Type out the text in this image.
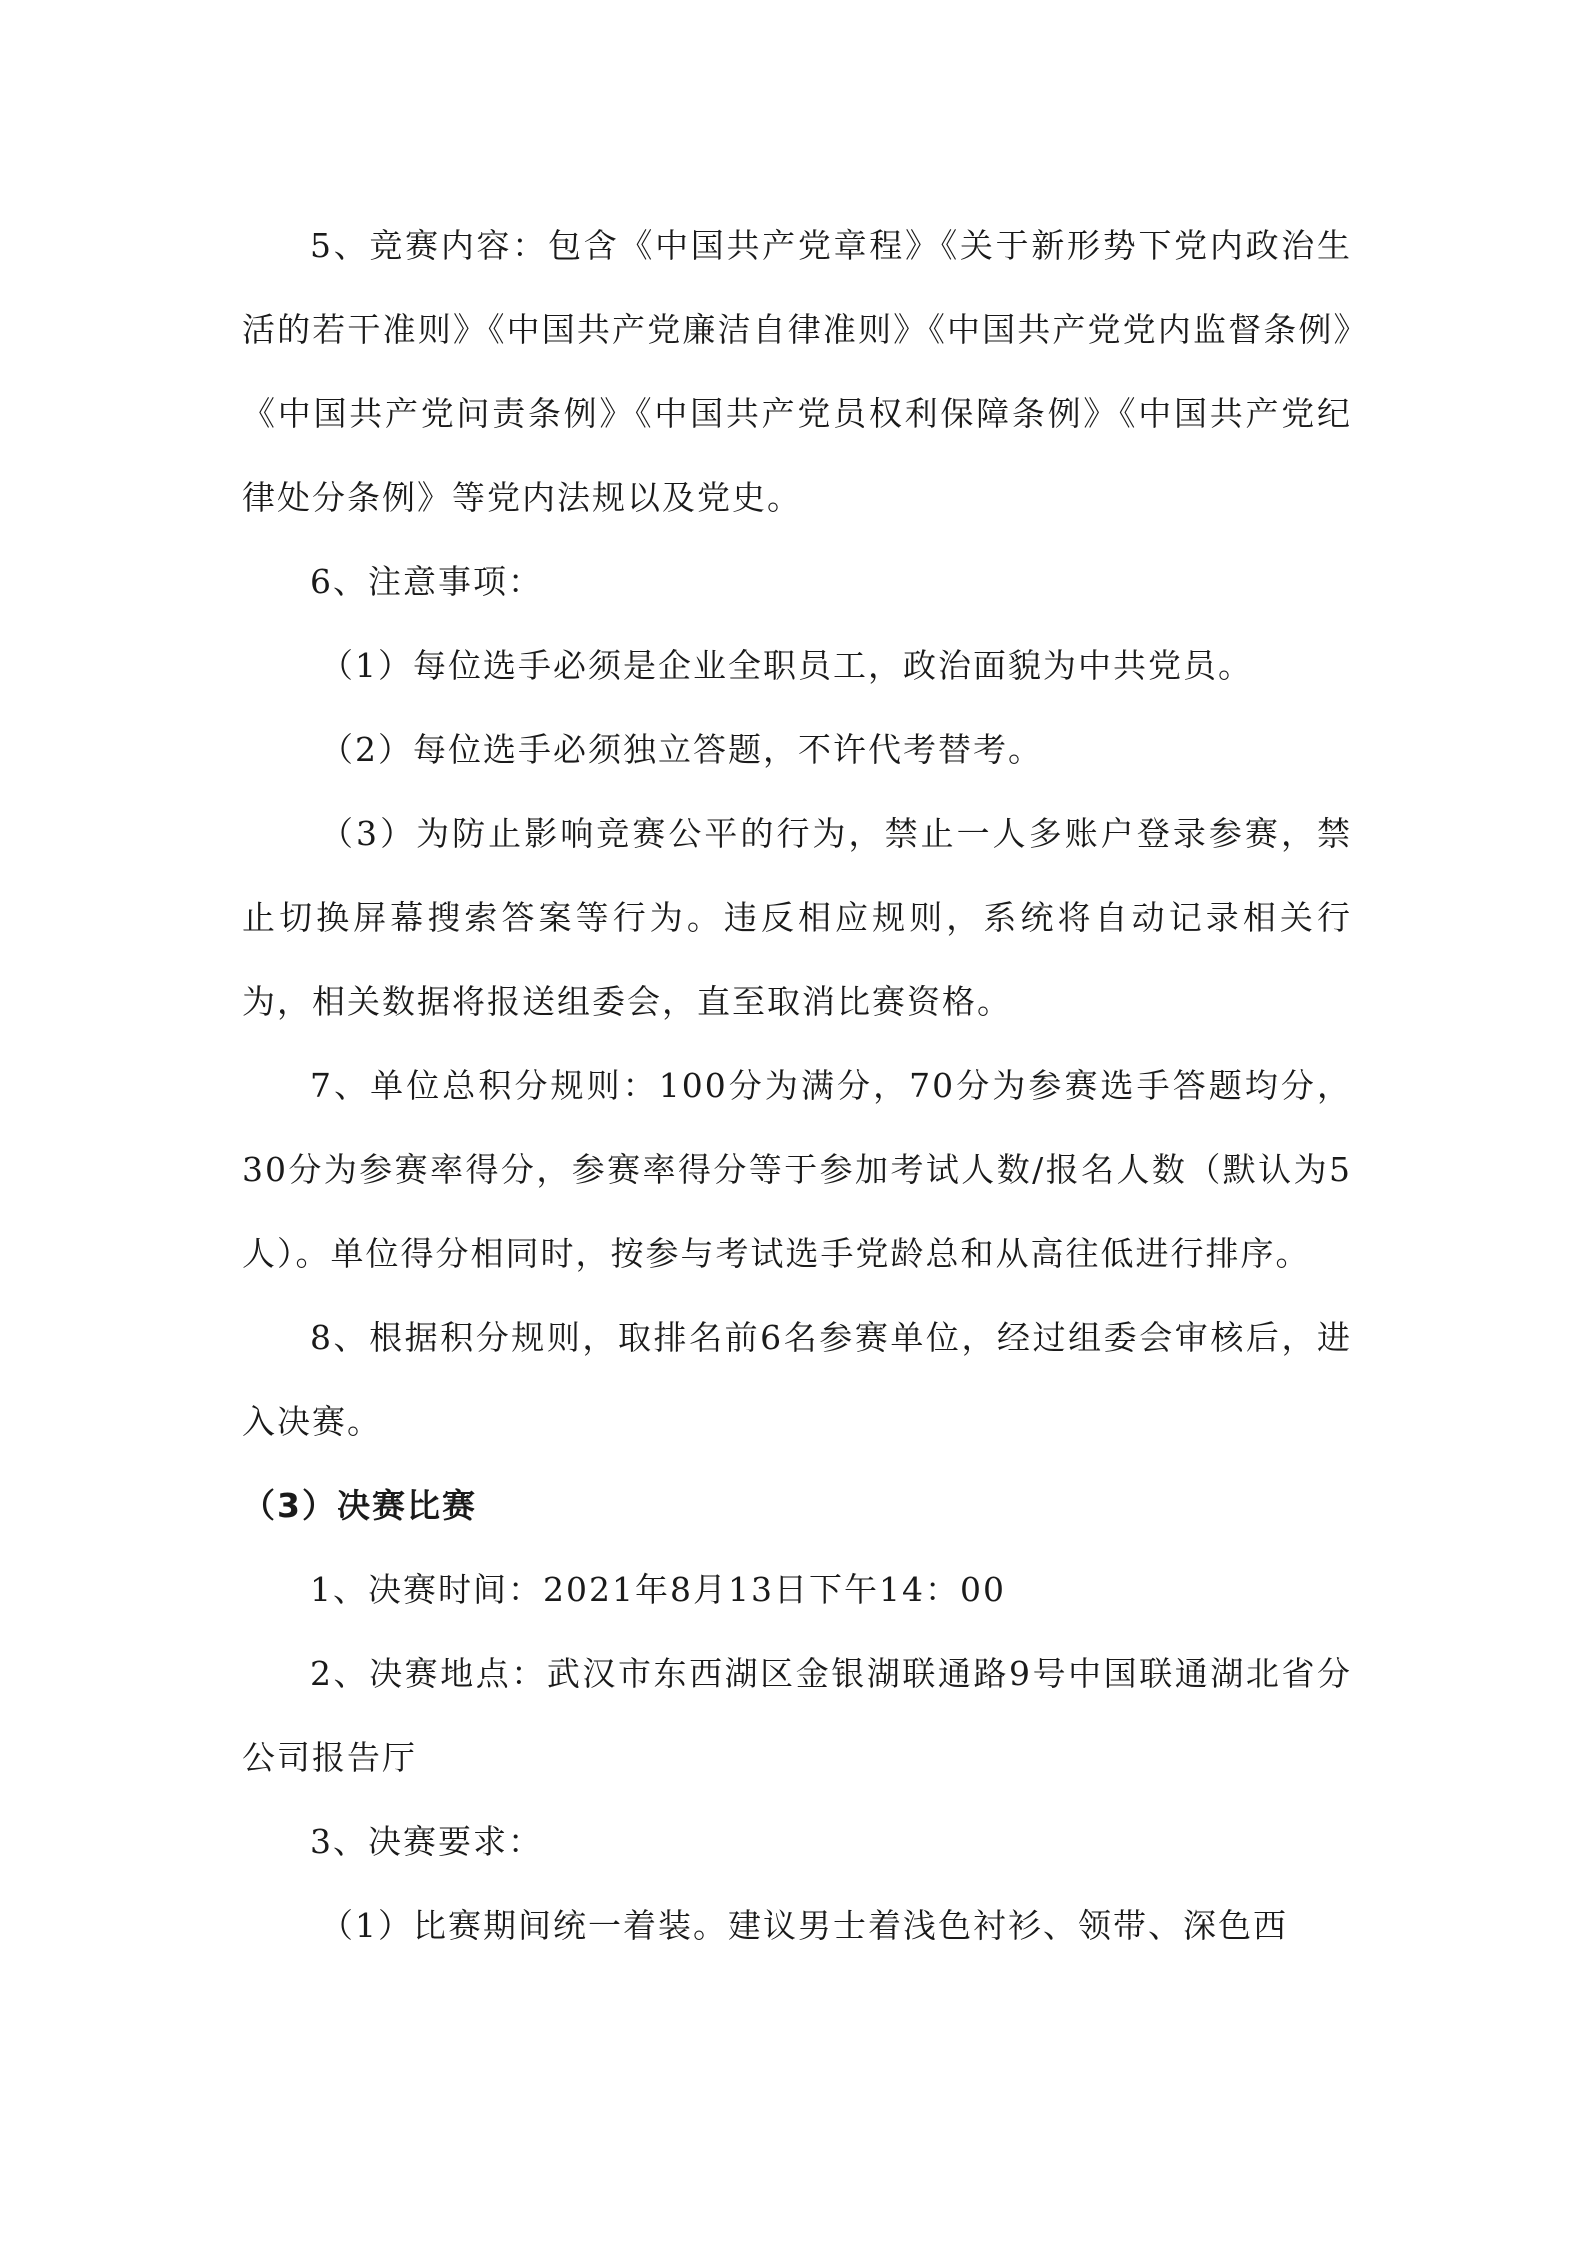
5、竞赛内容：包含《中国共产党章程》《关于新形势下党内政治生活的若干准则》《中国共产党廉洁自律准则》《中国共产党党内监督条例》《中国共产党问责条例》《中国共产党员权利保障条例》《中国共产党纪律处分条例》等党内法规以及党史。

6、注意事项：

（1）每位选手必须是企业全职员工，政治面貌为中共党员。

（2）每位选手必须独立答题，不许代考替考。

（3）为防止影响竞赛公平的行为，禁止一人多账户登录参赛，禁止切换屏幕搜索答案等行为。违反相应规则，系统将自动记录相关行为，相关数据将报送组委会，直至取消比赛资格。

7、单位总积分规则：100分为满分，70分为参赛选手答题均分，30分为参赛率得分，参赛率得分等于参加考试人数/报名人数（默认为5人）。单位得分相同时，按参与考试选手党龄总和从高往低进行排序。

8、根据积分规则，取排名前6名参赛单位，经过组委会审核后，进入决赛。

（3）决赛比赛

1、决赛时间：2021年8月13日下午14：00

2、决赛地点：武汉市东西湖区金银湖联通路9号中国联通湖北省分公司报告厅

3、决赛要求：

（1）比赛期间统一着装。建议男士着浅色衬衫、领带、深色西
